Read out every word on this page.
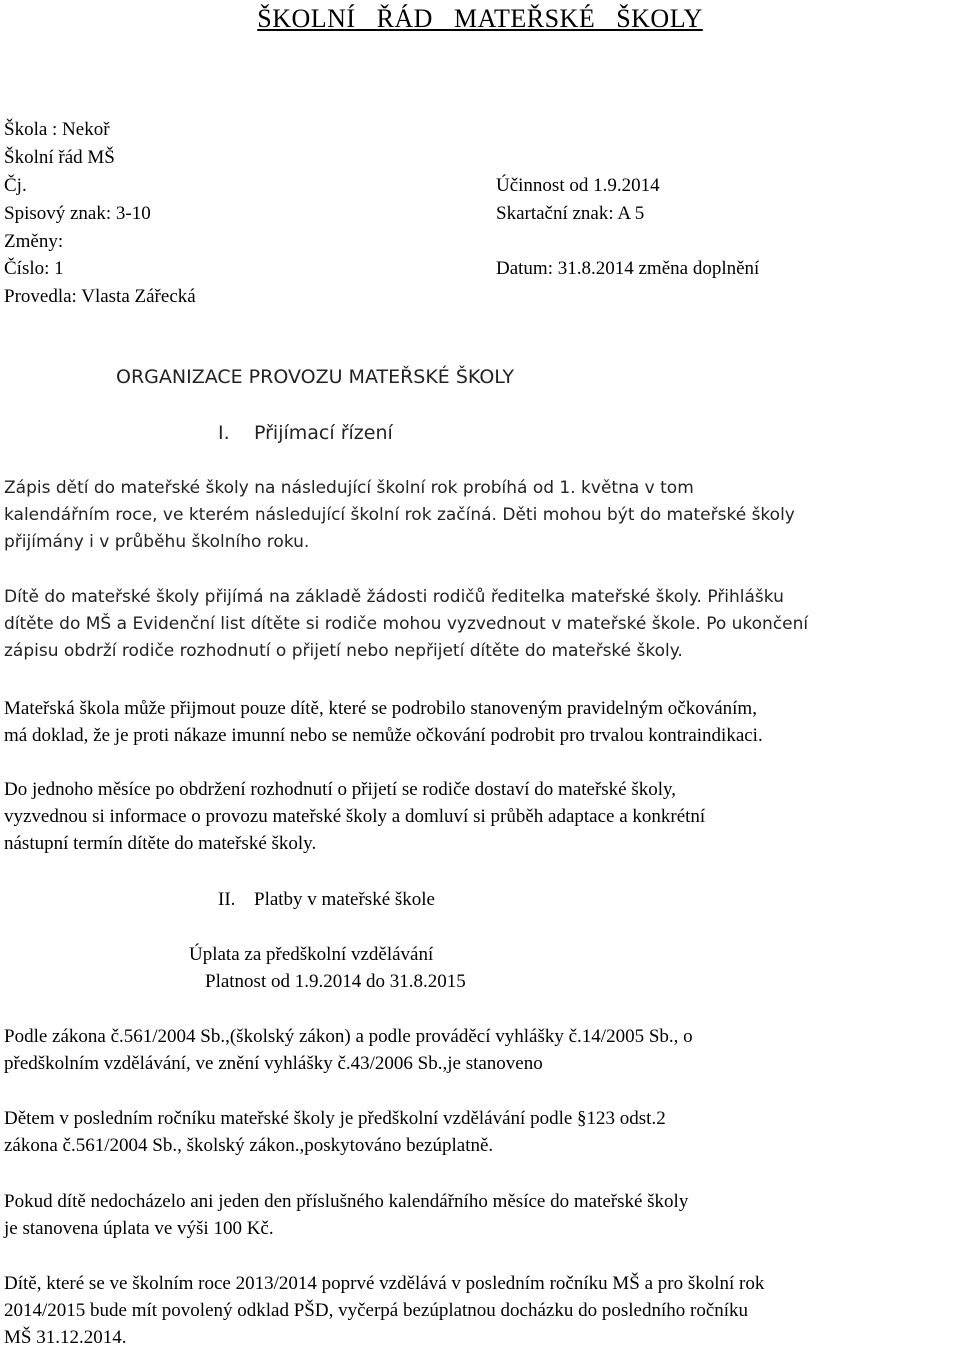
ŠKOLNÍ ŘÁD MATEŘSKÉ ŠKOLY
Škola : Nekoř
Školní řád MŠ
Čj.	Účinnost od 1.9.2014
Spisový znak: 3-10	Skartační znak: A 5
Změny:
Číslo: 1	Datum: 31.8.2014 změna doplnění
Provedla: Vlasta Zářecká
ORGANIZACE PROVOZU MATEŘSKÉ ŠKOLY
I. Přijímací řízení
Zápis dětí do mateřské školy na následující školní rok probíhá od 1. května v tom
kalendářním roce, ve kterém následující školní rok začíná. Děti mohou být do mateřské školy
přijímány i v průběhu školního roku.
Dítě do mateřské školy přijímá na základě žádosti rodičů ředitelka mateřské školy. Přihlášku
dítěte do MŠ a Evidenční list dítěte si rodiče mohou vyzvednout v mateřské škole. Po ukončení
zápisu obdrží rodiče rozhodnutí o přijetí nebo nepřijetí dítěte do mateřské školy.
Mateřská škola může přijmout pouze dítě, které se podrobilo stanoveným pravidelným očkováním,
má doklad, že je proti nákaze imunní nebo se nemůže očkování podrobit pro trvalou kontraindikaci.
Do jednoho měsíce po obdržení rozhodnutí o přijetí se rodiče dostaví do mateřské školy,
vyzvednou si informace o provozu mateřské školy a domluví si průběh adaptace a konkrétní
nástupní termín dítěte do mateřské školy.
II. Platby v mateřské škole
Úplata za předškolní vzdělávání
Platnost od 1.9.2014 do 31.8.2015
Podle zákona č.561/2004 Sb.,(školský zákon) a podle prováděcí vyhlášky č.14/2005 Sb., o
předškolním vzdělávání, ve znění vyhlášky č.43/2006 Sb.,je stanoveno
Dětem v posledním ročníku mateřské školy je předškolní vzdělávání podle §123 odst.2
zákona č.561/2004 Sb., školský zákon.,poskytováno bezúplatně.
Pokud dítě nedocházelo ani jeden den příslušného kalendářního měsíce do mateřské školy
je stanovena úplata ve výši 100 Kč.
Dítě, které se ve školním roce 2013/2014 poprvé vzdělává v posledním ročníku MŠ a pro školní rok
2014/2015 bude mít povolený odklad PŠD, vyčerpá bezúplatnou docházku do posledního ročníku
MŠ 31.12.2014.
